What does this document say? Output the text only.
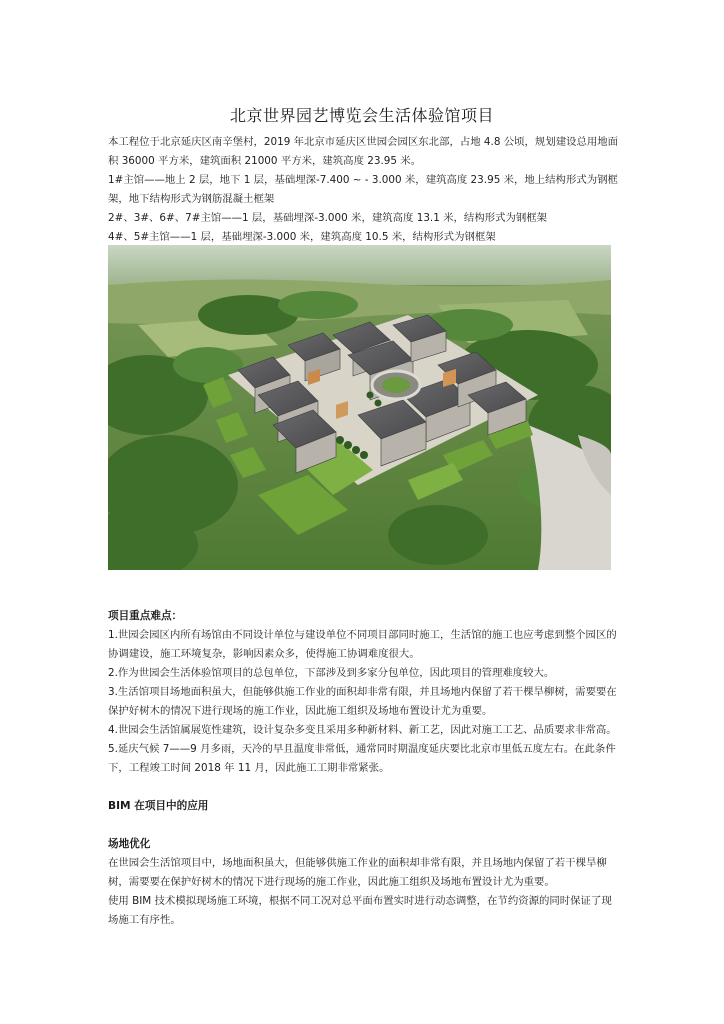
北京世界园艺博览会生活体验馆项目
本工程位于北京延庆区南辛堡村，2019 年北京市延庆区世园会园区东北部，占地 4.8 公顷，规划建设总用地面积 36000 平方米，建筑面积 21000 平方米，建筑高度 23.95 米。
1#主馆——地上 2 层，地下 1 层，基础埋深-7.400 ~ - 3.000 米，建筑高度 23.95 米，地上结构形式为钢框架，地下结构形式为钢筋混凝土框架
2#、3#、6#、7#主馆——1 层，基础埋深-3.000 米，建筑高度 13.1 米，结构形式为钢框架
4#、5#主馆——1 层，基础埋深-3.000 米，建筑高度 10.5 米，结构形式为钢框架
项目重点难点：
1.世园会园区内所有场馆由不同设计单位与建设单位不同项目部同时施工，生活馆的施工也应考虑到整个园区的协调建设，施工环境复杂，影响因素众多，使得施工协调难度很大。
2.作为世园会生活体验馆项目的总包单位，下部涉及到多家分包单位，因此项目的管理难度较大。
3.生活馆项目场地面积虽大，但能够供施工作业的面积却非常有限，并且场地内保留了若干棵旱柳树，需要要在保护好树木的情况下进行现场的施工作业，因此施工组织及场地布置设计尤为重要。
4.世园会生活馆属展览性建筑，设计复杂多变且采用多种新材料、新工艺，因此对施工工艺、品质要求非常高。
5.延庆气候 7——9 月多雨，天冷的早且温度非常低，通常同时期温度延庆要比北京市里低五度左右。在此条件下，工程竣工时间 2018 年 11 月，因此施工工期非常紧张。
BIM 在项目中的应用
场地优化
在世园会生活馆项目中，场地面积虽大，但能够供施工作业的面积却非常有限，并且场地内保留了若干棵旱柳树，需要要在保护好树木的情况下进行现场的施工作业，因此施工组织及场地布置设计尤为重要。
使用 BIM 技术模拟现场施工环境，根据不同工况对总平面布置实时进行动态调整，在节约资源的同时保证了现场施工有序性。
